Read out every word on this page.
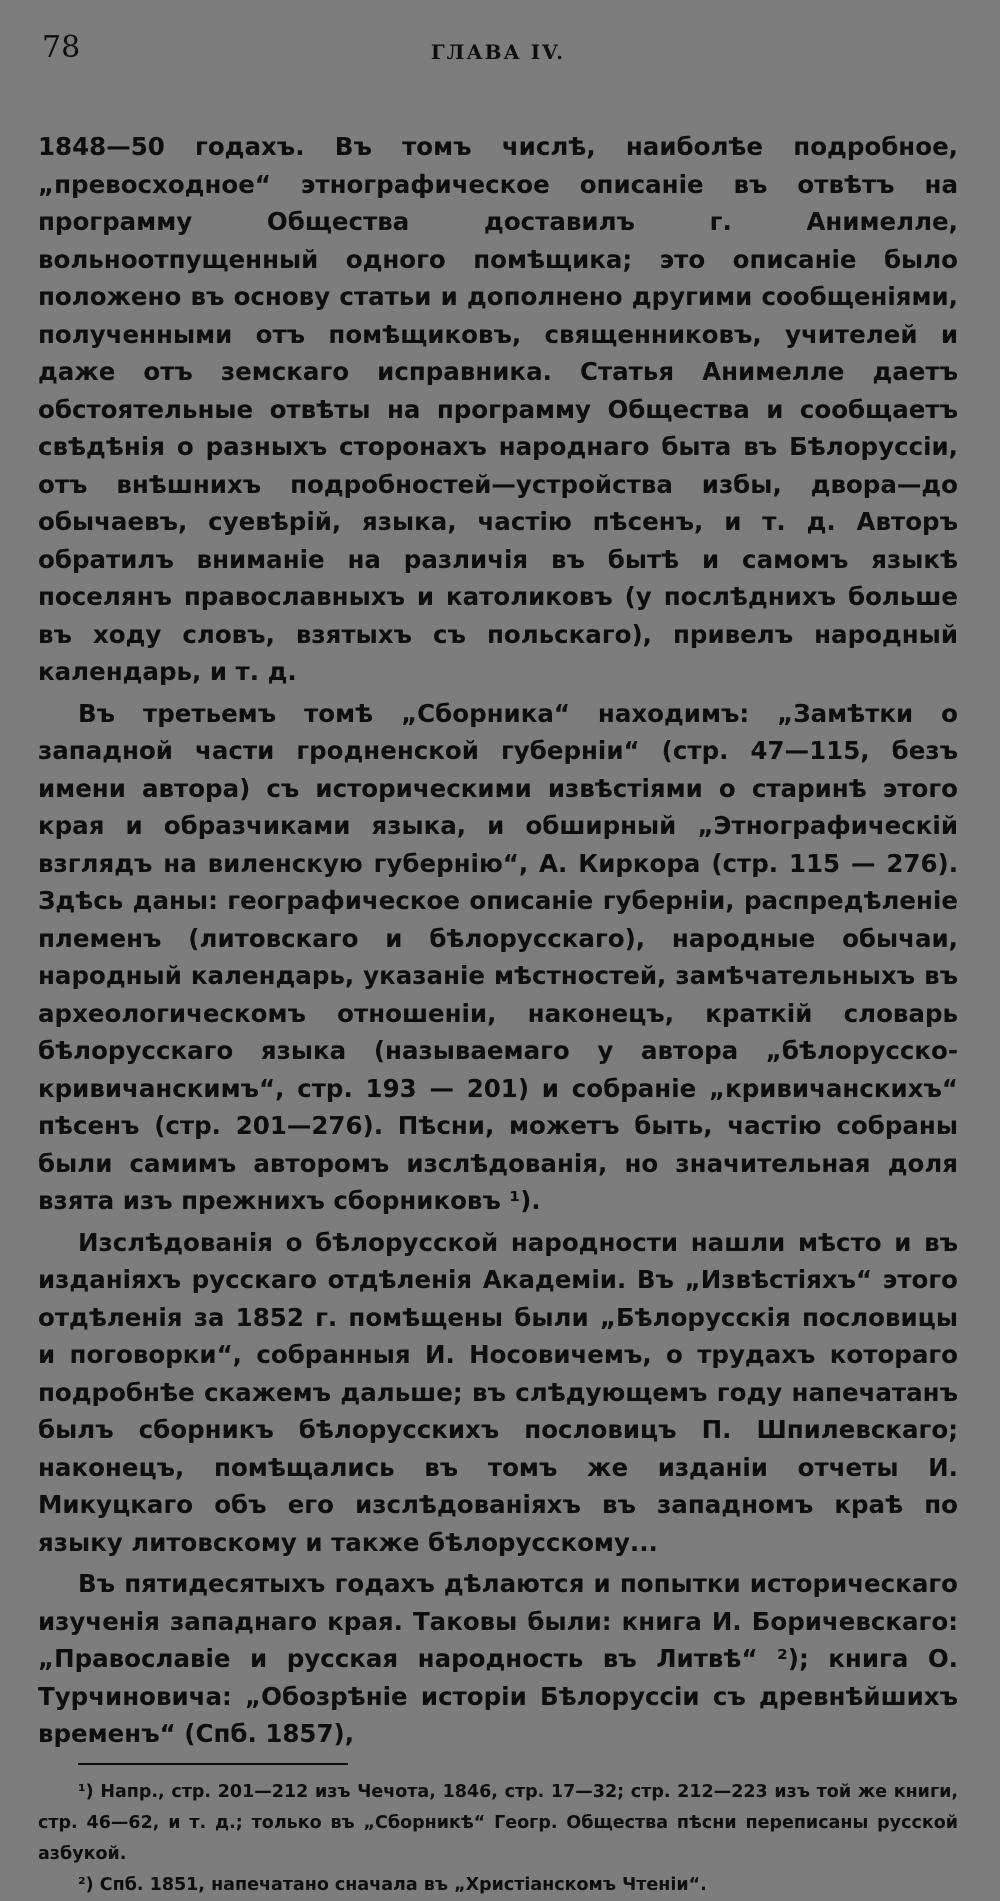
78	ГЛАВА IV.

1848—50 годахъ. Въ томъ числѣ, наиболѣе подробное, „превосходное“ этнографическое описаніе въ отвѣтъ на программу Общества доставилъ г. Анимелле, вольноотпущенный одного помѣщика; это описаніе было положено въ основу статьи и дополнено другими сообщеніями, полученными отъ помѣщиковъ, священниковъ, учителей и даже отъ земскаго исправника. Статья Анимелле даетъ обстоятельные отвѣты на программу Общества и сообщаетъ свѣдѣнія о разныхъ сторонахъ народнаго быта въ Бѣлоруссіи, отъ внѣшнихъ подробностей—устройства избы, двора—до обычаевъ, суевѣрій, языка, частію пѣсенъ, и т. д. Авторъ обратилъ вниманіе на различія въ бытѣ и самомъ языкѣ поселянъ православныхъ и католиковъ (у послѣднихъ больше въ ходу словъ, взятыхъ съ польскаго), привелъ народный календарь, и т. д.

Въ третьемъ томѣ „Сборника“ находимъ: „Замѣтки о западной части гродненской губерніи“ (стр. 47—115, безъ имени автора) съ историческими извѣстіями о старинѣ этого края и образчиками языка, и обширный „Этнографическій взглядъ на виленскую губернію“, А. Киркора (стр. 115 — 276). Здѣсь даны: географическое описаніе губерніи, распредѣленіе племенъ (литовскаго и бѣлорусскаго), народные обычаи, народный календарь, указаніе мѣстностей, замѣчательныхъ въ археологическомъ отношеніи, наконецъ, краткій словарь бѣлорусскаго языка (называемаго у автора „бѣлорусско-кривичанскимъ“, стр. 193 — 201) и собраніе „кривичанскихъ“ пѣсенъ (стр. 201—276). Пѣсни, можетъ быть, частію собраны были самимъ авторомъ изслѣдованія, но значительная доля взята изъ прежнихъ сборниковъ ¹).

Изслѣдованія о бѣлорусской народности нашли мѣсто и въ изданіяхъ русскаго отдѣленія Академіи. Въ „Извѣстіяхъ“ этого отдѣленія за 1852 г. помѣщены были „Бѣлорусскія пословицы и поговорки“, собранныя И. Носовичемъ, о трудахъ котораго подробнѣе скажемъ дальше; въ слѣдующемъ году напечатанъ былъ сборникъ бѣлорусскихъ пословицъ П. Шпилевскаго; наконецъ, помѣщались въ томъ же изданіи отчеты И. Микуцкаго объ его изслѣдованіяхъ въ западномъ краѣ по языку литовскому и также бѣлорусскому...

Въ пятидесятыхъ годахъ дѣлаются и попытки историческаго изученія западнаго края. Таковы были: книга И. Боричевскаго: „Православіе и русская народность въ Литвѣ“ ²); книга О. Турчиновича: „Обозрѣніе исторіи Бѣлоруссіи съ древнѣйшихъ временъ“ (Спб. 1857),

¹) Напр., стр. 201—212 изъ Чечота, 1846, стр. 17—32; стр. 212—223 изъ той же книги, стр. 46—62, и т. д.; только въ „Сборникѣ“ Геогр. Общества пѣсни переписаны русской азбукой.

²) Спб. 1851, напечатано сначала въ „Христіанскомъ Чтеніи“.
